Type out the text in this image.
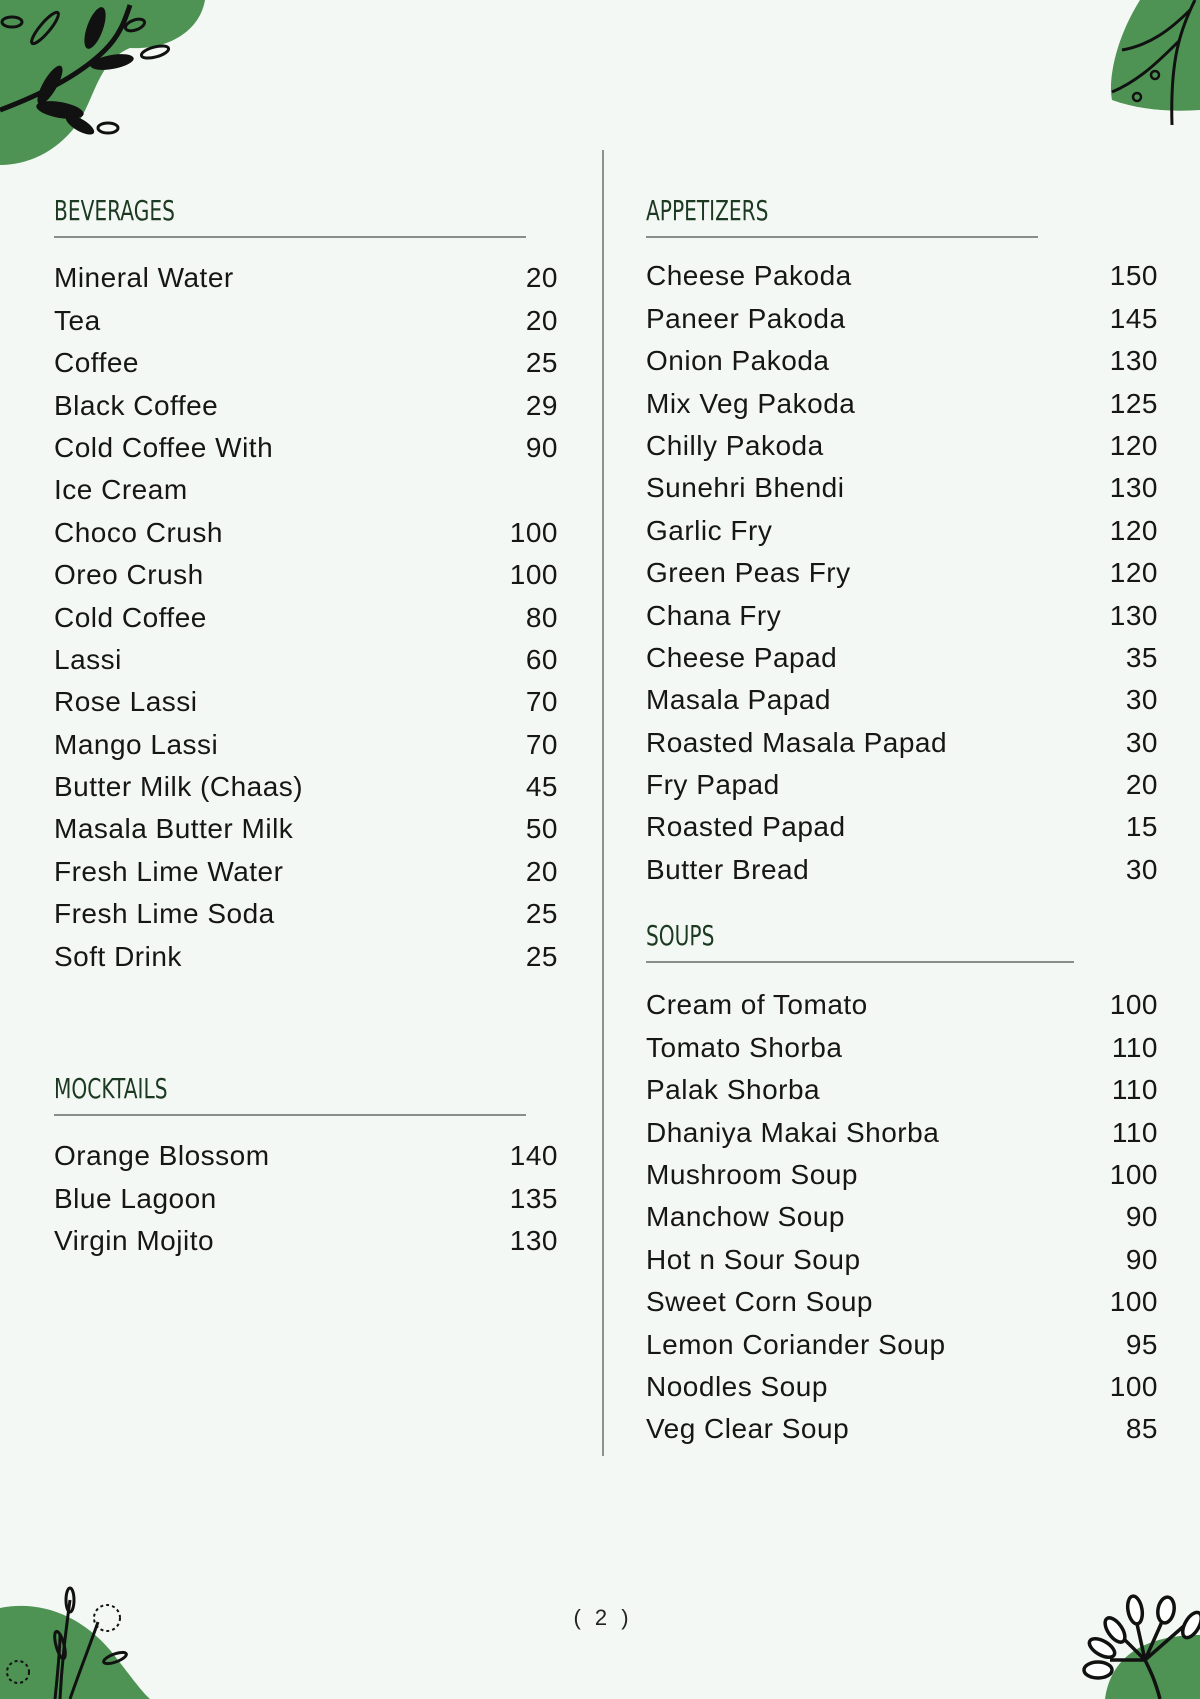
BEVERAGES
Mineral Water	20
Tea	20
Coffee	25
Black Coffee	29
Cold Coffee With	90
Ice Cream
Choco Crush	100
Oreo Crush	100
Cold Coffee	80
Lassi	60
Rose Lassi	70
Mango Lassi	70
Butter Milk (Chaas)	45
Masala Butter Milk	50
Fresh Lime Water	20
Fresh Lime Soda	25
Soft Drink	25
MOCKTAILS
Orange Blossom	140
Blue Lagoon	135
Virgin Mojito	130
APPETIZERS
Cheese Pakoda	150
Paneer Pakoda	145
Onion Pakoda	130
Mix Veg Pakoda	125
Chilly Pakoda	120
Sunehri Bhendi	130
Garlic Fry	120
Green Peas Fry	120
Chana Fry	130
Cheese Papad	35
Masala Papad	30
Roasted Masala Papad	30
Fry Papad	20
Roasted Papad	15
Butter Bread	30
SOUPS
Cream of Tomato	100
Tomato Shorba	110
Palak Shorba	110
Dhaniya Makai Shorba	110
Mushroom Soup	100
Manchow Soup	90
Hot n Sour Soup	90
Sweet Corn Soup	100
Lemon Coriander Soup	95
Noodles Soup	100
Veg Clear Soup	85
( 2 )
